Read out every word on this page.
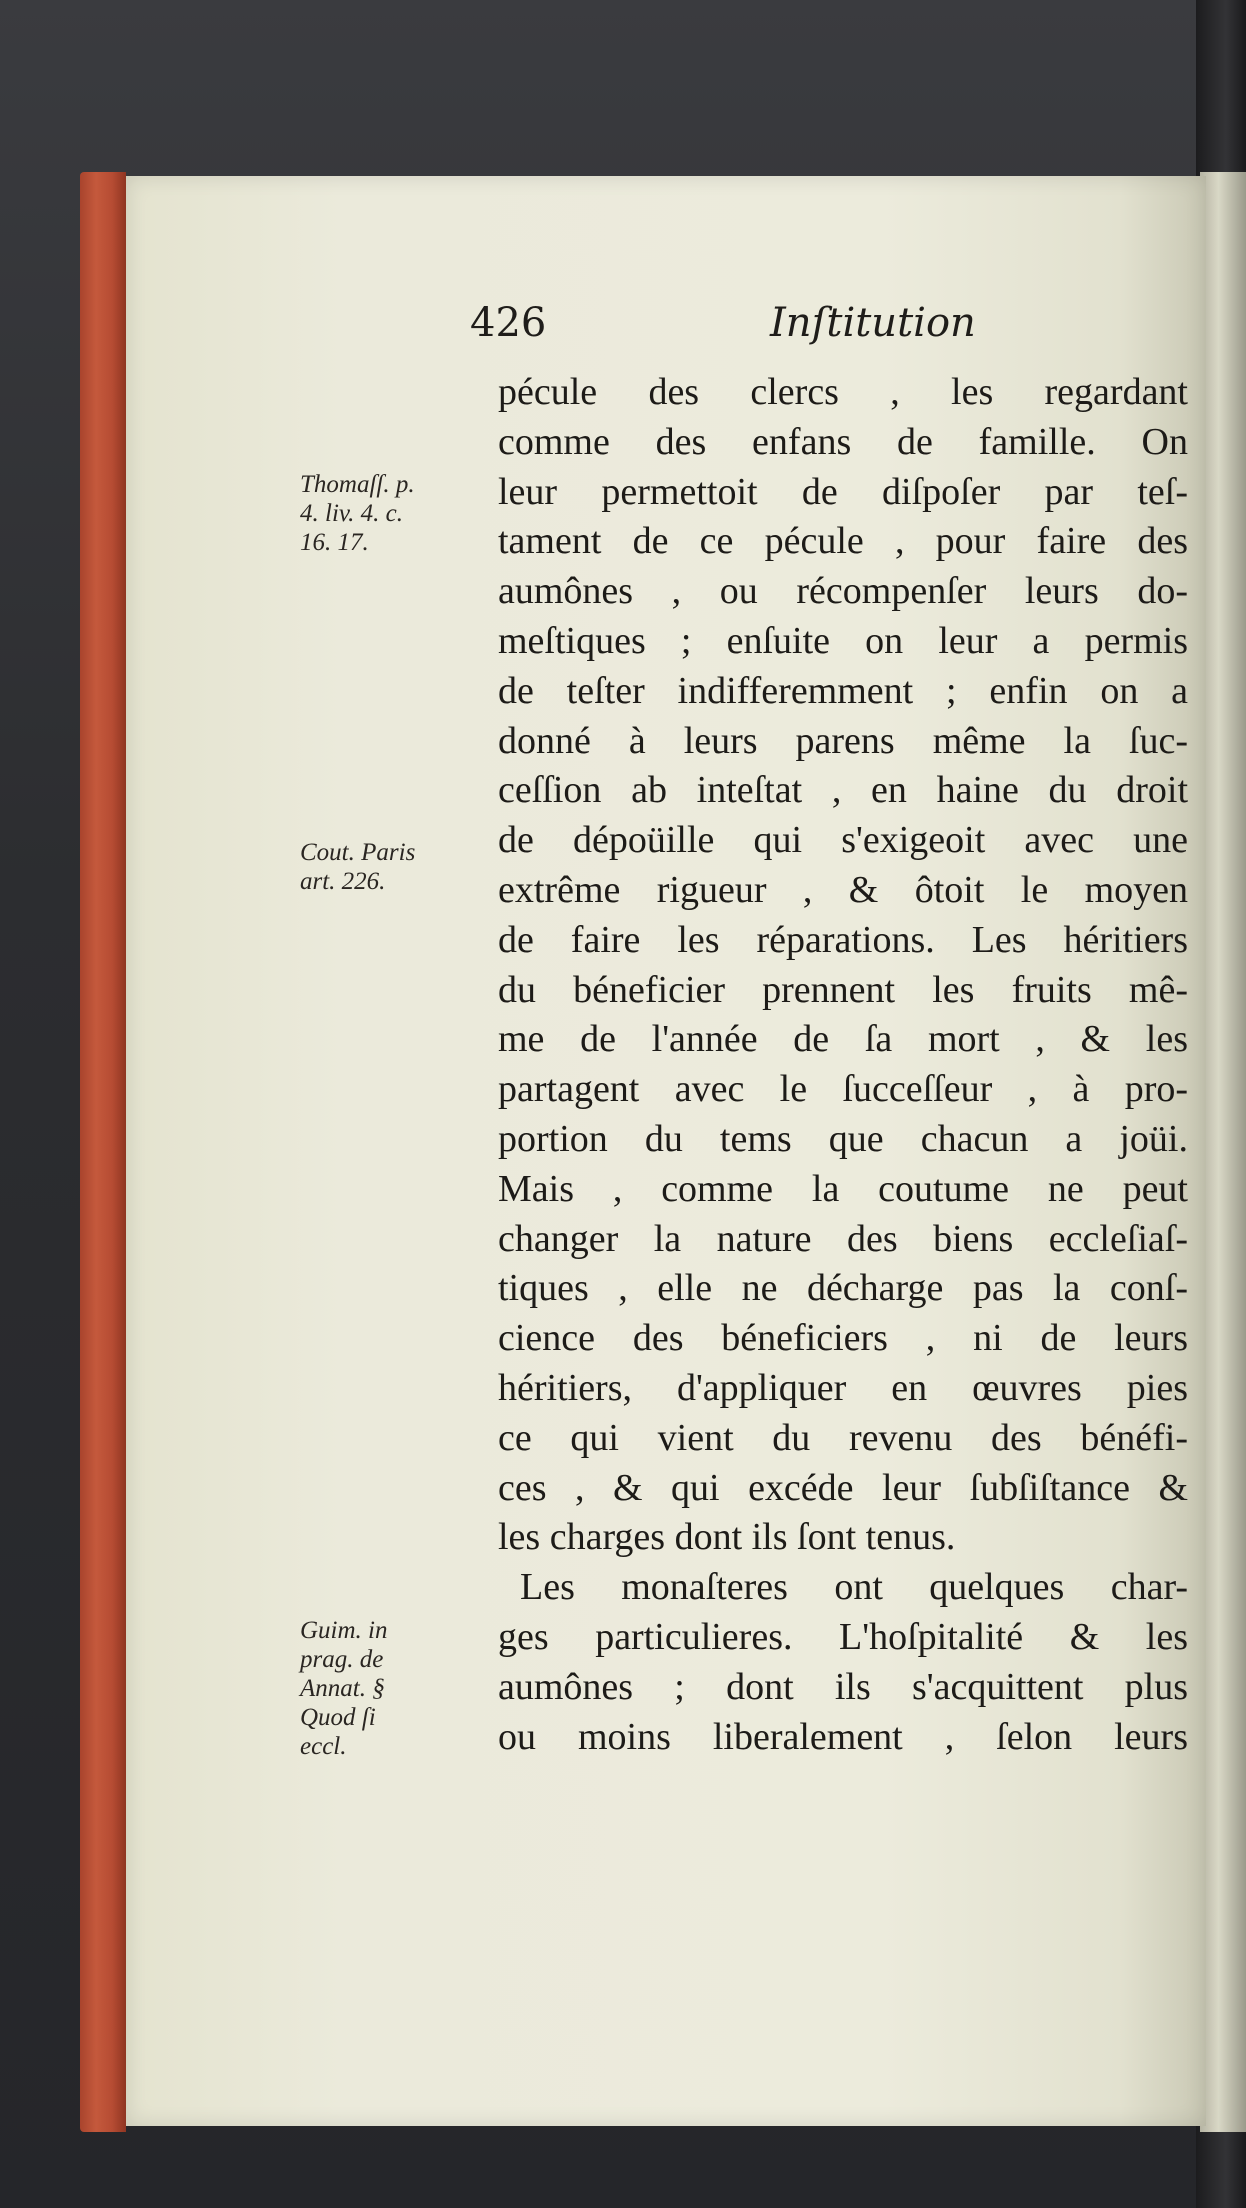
426	Inſtitution
Thomaſſ. p.
4. liv. 4. c.
16. 17.
Cout. Paris
art. 226.
Guim. in
prag. de
Annat. §
Quod ſi
eccl.
pécule des clercs , les regardant
comme des enfans de famille. On
leur permettoit de diſpoſer par teſ-
tament de ce pécule , pour faire des
aumônes , ou récompenſer leurs do-
meſtiques ; enſuite on leur a permis
de teſter indifferemment ; enfin on a
donné à leurs parens même la ſuc-
ceſſion ab inteſtat , en haine du droit
de dépoüille qui s'exigeoit avec une
extrême rigueur , & ôtoit le moyen
de faire les réparations. Les héritiers
du béneficier prennent les fruits mê-
me de l'année de ſa mort , & les
partagent avec le ſucceſſeur , à pro-
portion du tems que chacun a joüi.
Mais , comme la coutume ne peut
changer la nature des biens eccleſiaſ-
tiques , elle ne décharge pas la conſ-
cience des béneficiers , ni de leurs
héritiers, d'appliquer en œuvres pies
ce qui vient du revenu des bénéfi-
ces , & qui excéde leur ſubſiſtance &
les charges dont ils ſont tenus.
Les monaſteres ont quelques char-
ges particulieres. L'hoſpitalité & les
aumônes ; dont ils s'acquittent plus
ou moins liberalement , ſelon leurs
